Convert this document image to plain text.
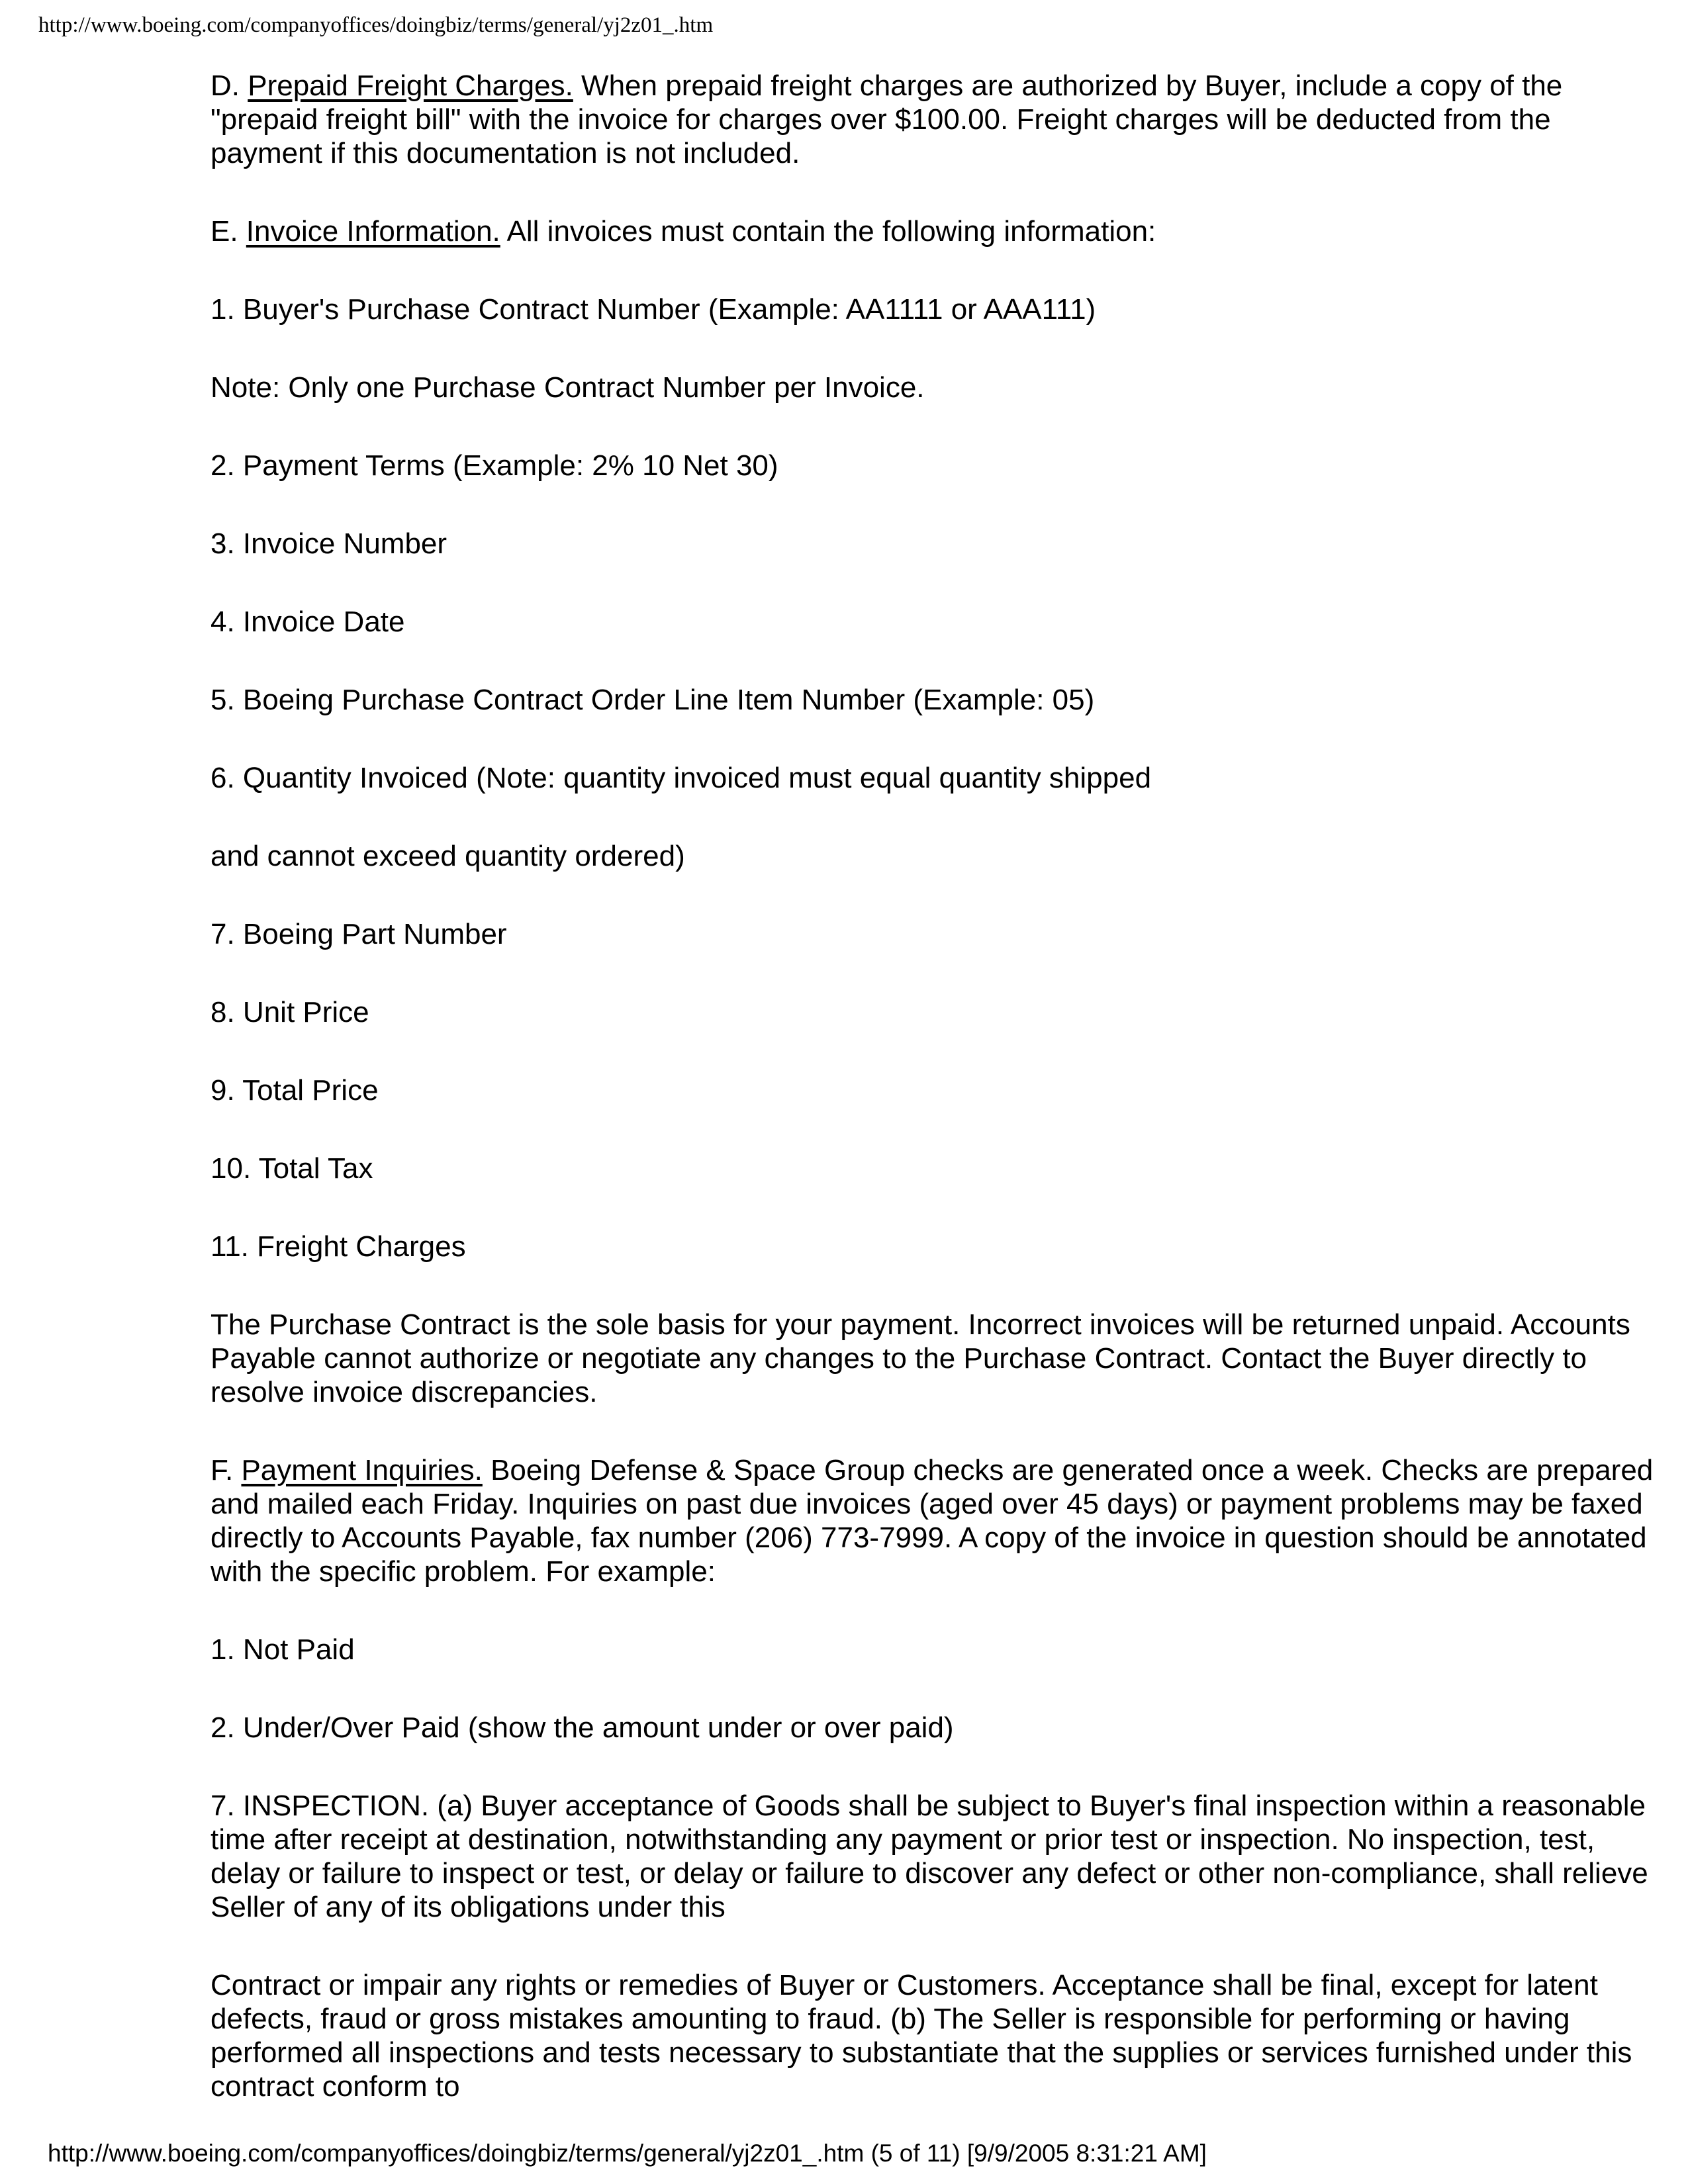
http://www.boeing.com/companyoffices/doingbiz/terms/general/yj2z01_.htm

D. Prepaid Freight Charges. When prepaid freight charges are authorized by Buyer, include a copy of the "prepaid freight bill" with the invoice for charges over $100.00. Freight charges will be deducted from the payment if this documentation is not included.

E. Invoice Information. All invoices must contain the following information:

1. Buyer's Purchase Contract Number (Example: AA1111 or AAA111)

Note: Only one Purchase Contract Number per Invoice.

2. Payment Terms (Example: 2% 10 Net 30)

3. Invoice Number

4. Invoice Date

5. Boeing Purchase Contract Order Line Item Number (Example: 05)

6. Quantity Invoiced (Note: quantity invoiced must equal quantity shipped

and cannot exceed quantity ordered)

7. Boeing Part Number

8. Unit Price

9. Total Price

10. Total Tax

11. Freight Charges

The Purchase Contract is the sole basis for your payment. Incorrect invoices will be returned unpaid. Accounts Payable cannot authorize or negotiate any changes to the Purchase Contract. Contact the Buyer directly to resolve invoice discrepancies.

F. Payment Inquiries. Boeing Defense & Space Group checks are generated once a week. Checks are prepared and mailed each Friday. Inquiries on past due invoices (aged over 45 days) or payment problems may be faxed directly to Accounts Payable, fax number (206) 773-7999. A copy of the invoice in question should be annotated with the specific problem. For example:

1. Not Paid

2. Under/Over Paid (show the amount under or over paid)

7. INSPECTION. (a) Buyer acceptance of Goods shall be subject to Buyer's final inspection within a reasonable time after receipt at destination, notwithstanding any payment or prior test or inspection. No inspection, test, delay or failure to inspect or test, or delay or failure to discover any defect or other non-compliance, shall relieve Seller of any of its obligations under this

Contract or impair any rights or remedies of Buyer or Customers. Acceptance shall be final, except for latent defects, fraud or gross mistakes amounting to fraud. (b) The Seller is responsible for performing or having performed all inspections and tests necessary to substantiate that the supplies or services furnished under this contract conform to

http://www.boeing.com/companyoffices/doingbiz/terms/general/yj2z01_.htm (5 of 11) [9/9/2005 8:31:21 AM]
